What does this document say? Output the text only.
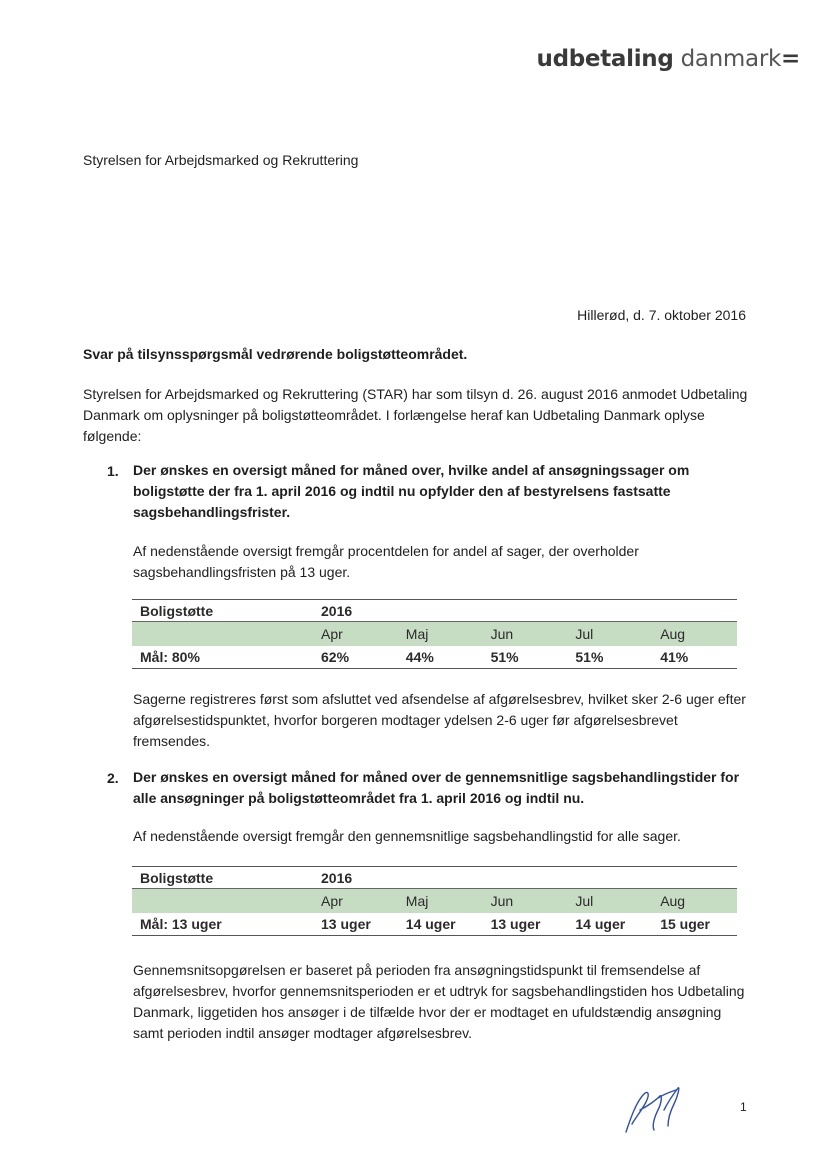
udbetaling danmark=
Styrelsen for Arbejdsmarked og Rekruttering
Hillerød, d. 7. oktober 2016
Svar på tilsynsspørgsmål vedrørende boligstøtteområdet.
Styrelsen for Arbejdsmarked og Rekruttering (STAR) har som tilsyn d. 26. august 2016 anmodet Udbetaling Danmark om oplysninger på boligstøtteområdet. I forlængelse heraf kan Udbetaling Danmark oplyse følgende:
1. Der ønskes en oversigt måned for måned over, hvilke andel af ansøgningssager om boligstøtte der fra 1. april 2016 og indtil nu opfylder den af bestyrelsens fastsatte sagsbehandlingsfrister.
Af nedenstående oversigt fremgår procentdelen for andel af sager, der overholder sagsbehandlingsfristen på 13 uger.
Boligstøtte	2016				
	Apr	Maj	Jun	Jul	Aug
Mål: 80%	62%	44%	51%	51%	41%
Sagerne registreres først som afsluttet ved afsendelse af afgørelsesbrev, hvilket sker 2-6 uger efter afgørelsestidspunktet, hvorfor borgeren modtager ydelsen 2-6 uger før afgørelsesbrevet fremsendes.
2. Der ønskes en oversigt måned for måned over de gennemsnitlige sagsbehandlingstider for alle ansøgninger på boligstøtteområdet fra 1. april 2016 og indtil nu.
Af nedenstående oversigt fremgår den gennemsnitlige sagsbehandlingstid for alle sager.
Boligstøtte	2016				
	Apr	Maj	Jun	Jul	Aug
Mål: 13 uger	13 uger	14 uger	13 uger	14 uger	15 uger
Gennemsnitsopgørelsen er baseret på perioden fra ansøgningstidspunkt til fremsendelse af afgørelsesbrev, hvorfor gennemsnitsperioden er et udtryk for sagsbehandlingstiden hos Udbetaling Danmark, liggetiden hos ansøger i de tilfælde hvor der er modtaget en ufuldstændig ansøgning samt perioden indtil ansøger modtager afgørelsesbrev.
1
